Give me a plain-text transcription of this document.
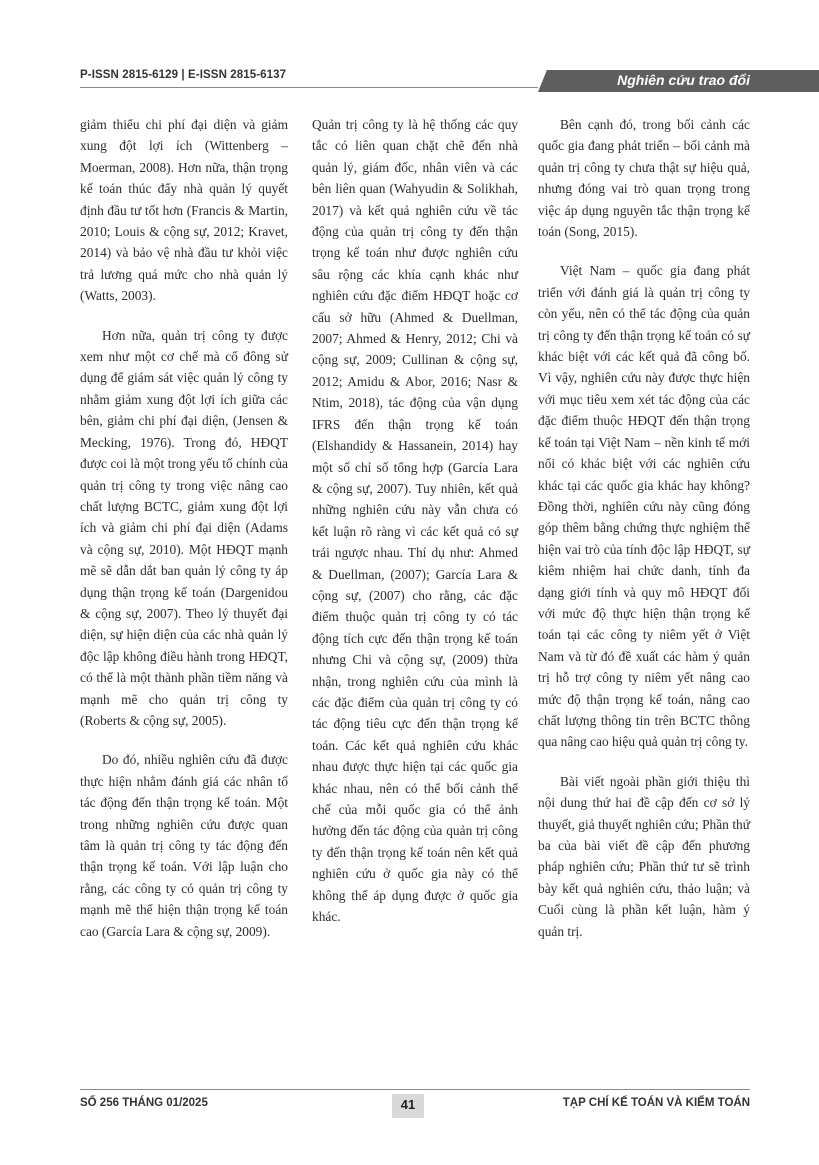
P-ISSN 2815-6129 | E-ISSN 2815-6137	Nghiên cứu trao đổi

giảm thiểu chi phí đại diện và giảm xung đột lợi ích (Wittenberg – Moerman, 2008). Hơn nữa, thận trọng kế toán thúc đẩy nhà quản lý quyết định đầu tư tốt hơn (Francis & Martin, 2010; Louis & cộng sự, 2012; Kravet, 2014) và bảo vệ nhà đầu tư khỏi việc trả lương quá mức cho nhà quản lý (Watts, 2003).

Hơn nữa, quản trị công ty được xem như một cơ chế mà cổ đông sử dụng để giám sát việc quản lý công ty nhằm giảm xung đột lợi ích giữa các bên, giảm chi phí đại diện, (Jensen & Mecking, 1976). Trong đó, HĐQT được coi là một trong yếu tố chính của quản trị công ty trong việc nâng cao chất lượng BCTC, giảm xung đột lợi ích và giảm chi phí đại diện (Adams và cộng sự, 2010). Một HĐQT mạnh mẽ sẽ dẫn dắt ban quản lý công ty áp dụng thận trọng kế toán (Dargenidou & cộng sự, 2007). Theo lý thuyết đại diện, sự hiện diện của các nhà quản lý độc lập không điều hành trong HĐQT, có thể là một thành phần tiềm năng và mạnh mẽ cho quản trị công ty (Roberts & cộng sự, 2005).

Do đó, nhiều nghiên cứu đã được thực hiện nhằm đánh giá các nhân tố tác động đến thận trọng kế toán. Một trong những nghiên cứu được quan tâm là quản trị công ty tác động đến thận trọng kế toán. Với lập luận cho rằng, các công ty có quản trị công ty mạnh mẽ thể hiện thận trọng kế toán cao (García Lara & cộng sự, 2009).

Quản trị công ty là hệ thống các quy tắc có liên quan chặt chẽ đến nhà quản lý, giám đốc, nhân viên và các bên liên quan (Wahyudin & Solikhah, 2017) và kết quả nghiên cứu về tác động của quản trị công ty đến thận trọng kế toán như được nghiên cứu sâu rộng các khía cạnh khác như nghiên cứu đặc điểm HĐQT hoặc cơ cấu sở hữu (Ahmed & Duellman, 2007; Ahmed & Henry, 2012; Chi và cộng sự, 2009; Cullinan & cộng sự, 2012; Amidu & Abor, 2016; Nasr & Ntim, 2018), tác động của vận dụng IFRS đến thận trọng kế toán (Elshandidy & Hassanein, 2014) hay một số chỉ số tổng hợp (García Lara & cộng sự, 2007). Tuy nhiên, kết quả những nghiên cứu này vẫn chưa có kết luận rõ ràng vì các kết quả có sự trái ngược nhau. Thí dụ như: Ahmed & Duellman, (2007); García Lara & cộng sự, (2007) cho rằng, các đặc điểm thuộc quản trị công ty có tác động tích cực đến thận trọng kế toán nhưng Chi và cộng sự, (2009) thừa nhận, trong nghiên cứu của mình là các đặc điểm của quản trị công ty có tác động tiêu cực đến thận trọng kế toán. Các kết quả nghiên cứu khác nhau được thực hiện tại các quốc gia khác nhau, nên có thể bối cảnh thể chế của mỗi quốc gia có thể ảnh hưởng đến tác động của quản trị công ty đến thận trọng kế toán nên kết quả nghiên cứu ở quốc gia này có thể không thể áp dụng được ở quốc gia khác.

Bên cạnh đó, trong bối cảnh các quốc gia đang phát triển – bối cảnh mà quản trị công ty chưa thật sự hiệu quả, nhưng đóng vai trò quan trọng trong việc áp dụng nguyên tắc thận trọng kế toán (Song, 2015).

Việt Nam – quốc gia đang phát triển với đánh giá là quản trị công ty còn yếu, nên có thể tác động của quản trị công ty đến thận trọng kế toán có sự khác biệt với các kết quả đã công bố. Vì vậy, nghiên cứu này được thực hiện với mục tiêu xem xét tác động của các đặc điểm thuộc HĐQT đến thận trọng kế toán tại Việt Nam – nền kinh tế mới nổi có khác biệt với các nghiên cứu khác tại các quốc gia khác hay không? Đồng thời, nghiên cứu này cũng đóng góp thêm bằng chứng thực nghiệm thể hiện vai trò của tính độc lập HĐQT, sự kiêm nhiệm hai chức danh, tính đa dạng giới tính và quy mô HĐQT đối với mức độ thực hiện thận trọng kế toán tại các công ty niêm yết ở Việt Nam và từ đó đề xuất các hàm ý quản trị hỗ trợ công ty niêm yết nâng cao mức độ thận trọng kế toán, nâng cao chất lượng thông tin trên BCTC thông qua nâng cao hiệu quả quản trị công ty.

Bài viết ngoài phần giới thiệu thì nội dung thứ hai đề cập đến cơ sở lý thuyết, giả thuyết nghiên cứu; Phần thứ ba của bài viết đề cập đến phương pháp nghiên cứu; Phần thứ tư sẽ trình bày kết quả nghiên cứu, thảo luận; và Cuối cùng là phần kết luận, hàm ý quản trị.

SỐ 256 THÁNG 01/2025	41	TẠP CHÍ KẾ TOÁN VÀ KIỂM TOÁN
